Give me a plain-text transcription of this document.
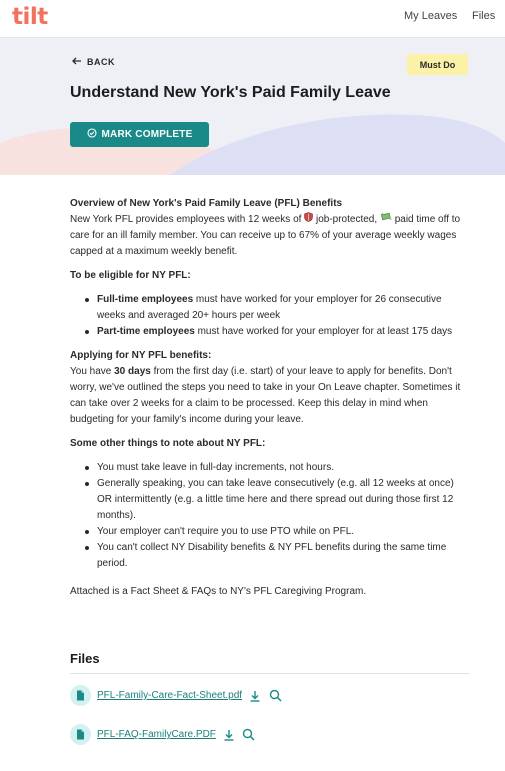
tilt	My Leaves Files
BACK	Must Do
Understand New York's Paid Family Leave
MARK COMPLETE

Overview of New York's Paid Family Leave (PFL) Benefits

New York PFL provides employees with 12 weeks of  job-protected,  paid time off to care for an ill family member. You can receive up to 67% of your average weekly wages capped at a maximum weekly benefit.

To be eligible for NY PFL:

Full-time employees must have worked for your employer for 26 consecutive weeks and averaged 20+ hours per week
Part-time employees must have worked for your employer for at least 175 days

Applying for NY PFL benefits:

You have 30 days from the first day (i.e. start) of your leave to apply for benefits. Don't worry, we've outlined the steps you need to take in your On Leave chapter. Sometimes it can take over 2 weeks for a claim to be processed. Keep this delay in mind when budgeting for your family's income during your leave.

Some other things to note about NY PFL:

You must take leave in full-day increments, not hours.
Generally speaking, you can take leave consecutively (e.g. all 12 weeks at once) OR intermittently (e.g. a little time here and there spread out during those first 12 months).
Your employer can't require you to use PTO while on PFL.
You can't collect NY Disability benefits & NY PFL benefits during the same time period.

Attached is a Fact Sheet & FAQs to NY's PFL Caregiving Program.

Files
PFL-Family-Care-Fact-Sheet.pdf
PFL-FAQ-FamilyCare.PDF
